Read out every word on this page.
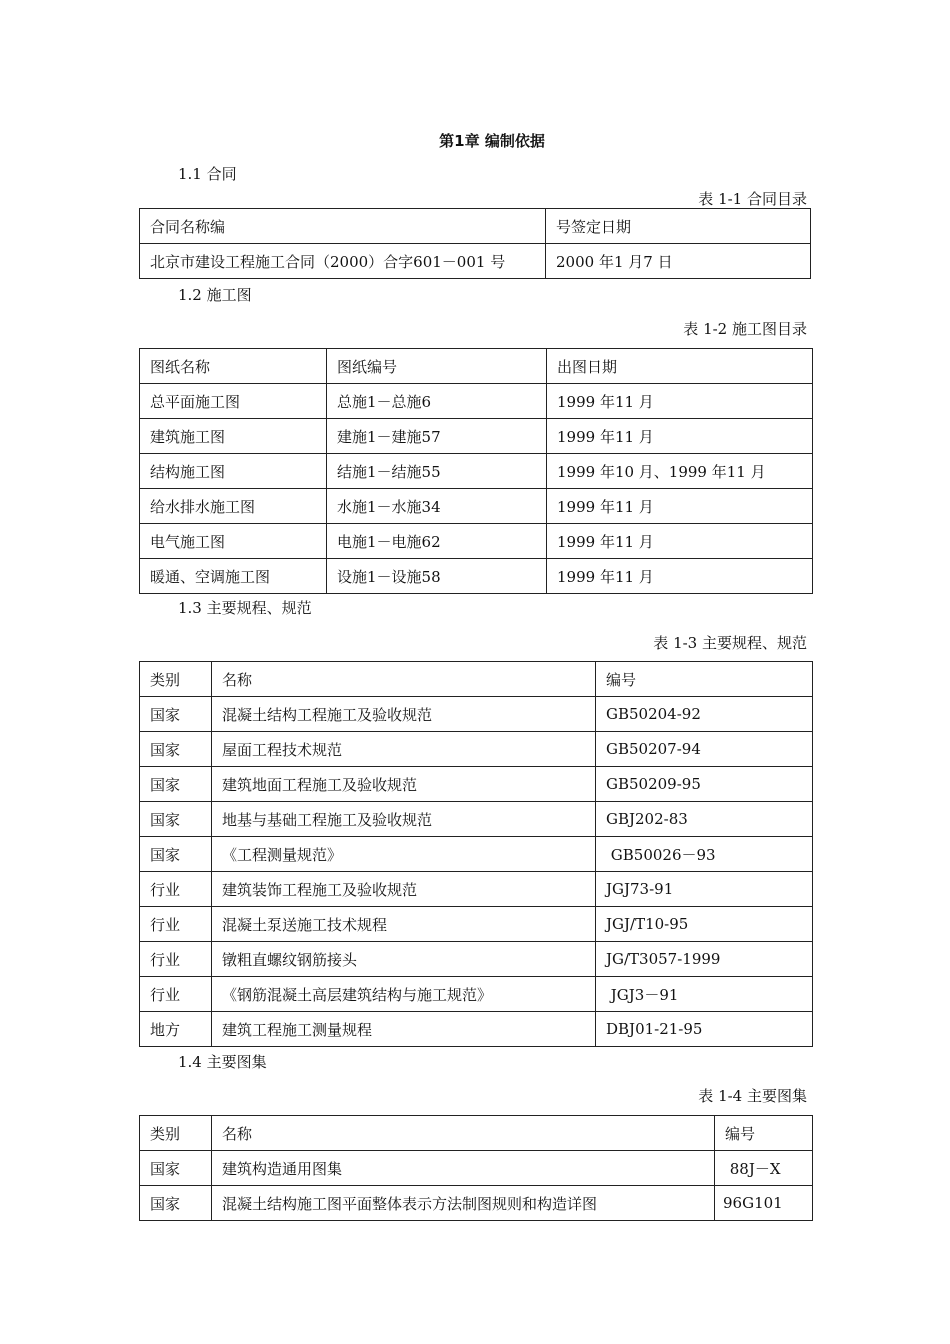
第1章 编制依据
1.1 合同
表 1-1 合同目录
合同名称编	号签定日期
北京市建设工程施工合同（2000）合字601－001 号	2000 年1 月7 日
1.2 施工图
表 1-2 施工图目录
图纸名称	图纸编号	出图日期
总平面施工图	总施1－总施6	1999 年11 月
建筑施工图	建施1－建施57	1999 年11 月
结构施工图	结施1－结施55	1999 年10 月、1999 年11 月
给水排水施工图	水施1－水施34	1999 年11 月
电气施工图	电施1－电施62	1999 年11 月
暖通、空调施工图	设施1－设施58	1999 年11 月
1.3 主要规程、规范
表 1-3 主要规程、规范
类别	名称	编号
国家	混凝土结构工程施工及验收规范	GB50204-92
国家	屋面工程技术规范	GB50207-94
国家	建筑地面工程施工及验收规范	GB50209-95
国家	地基与基础工程施工及验收规范	GBJ202-83
国家	《工程测量规范》	GB50026－93
行业	建筑装饰工程施工及验收规范	JGJ73-91
行业	混凝土泵送施工技术规程	JGJ/T10-95
行业	镦粗直螺纹钢筋接头	JG/T3057-1999
行业	《钢筋混凝土高层建筑结构与施工规范》	JGJ3－91
地方	建筑工程施工测量规程	DBJ01-21-95
1.4 主要图集
表 1-4 主要图集
类别	名称	编号
国家	建筑构造通用图集	88J－X
国家	混凝土结构施工图平面整体表示方法制图规则和构造详图	96G101
